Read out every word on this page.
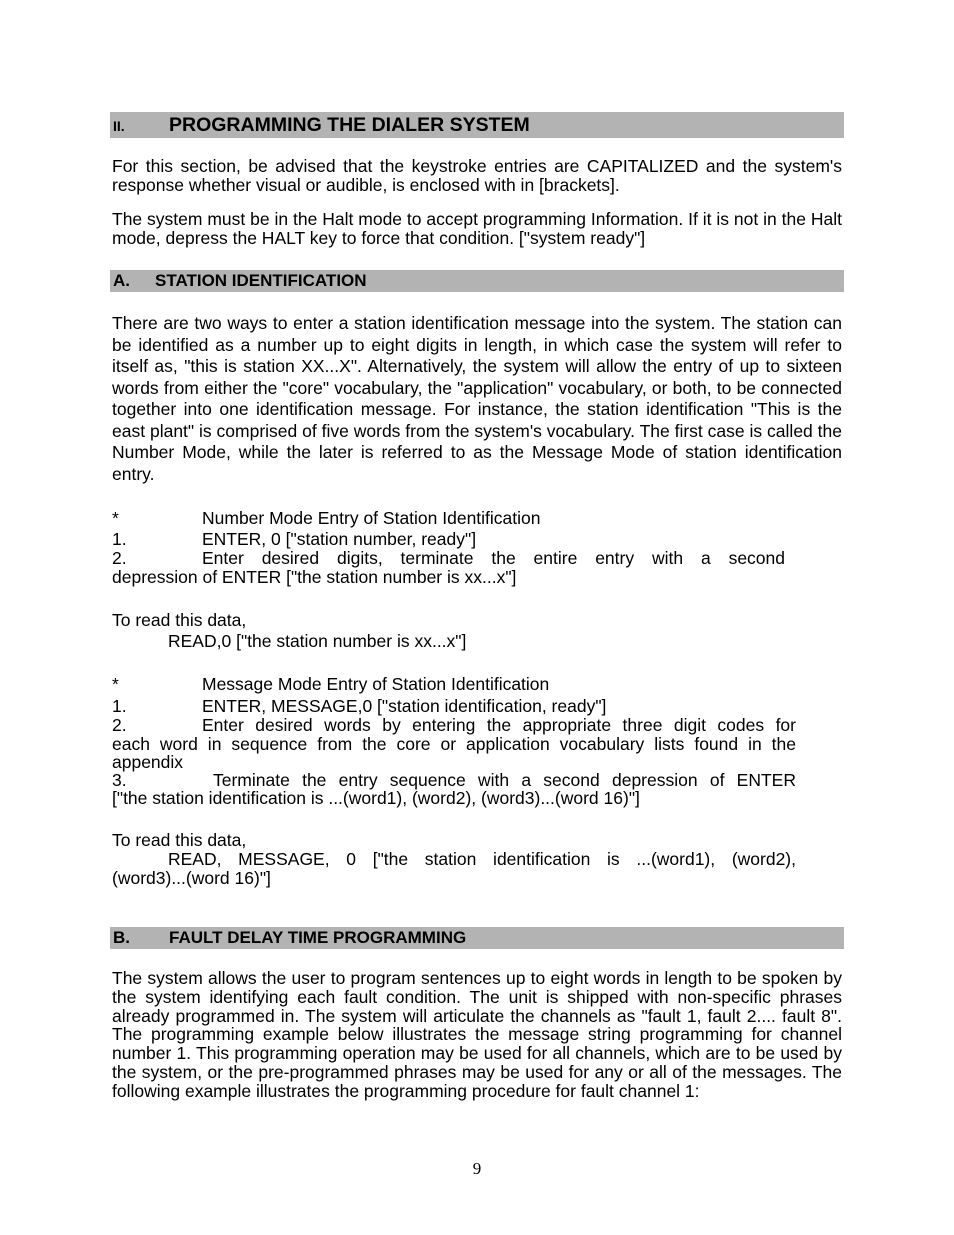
II. PROGRAMMING THE DIALER SYSTEM
For this section, be advised that the keystroke entries are CAPITALIZED and the system's response whether visual or audible, is enclosed with in [brackets].
The system must be in the Halt mode to accept programming Information. If it is not in the Halt mode, depress the HALT key to force that condition. ["system ready"]
A. STATION IDENTIFICATION
There are two ways to enter a station identification message into the system. The station can be identified as a number up to eight digits in length, in which case the system will refer to itself as, "this is station XX...X". Alternatively, the system will allow the entry of up to sixteen words from either the "core" vocabulary, the "application" vocabulary, or both, to be connected together into one identification message. For instance, the station identification "This is the east plant" is comprised of five words from the system's vocabulary. The first case is called the Number Mode, while the later is referred to as the Message Mode of station identification entry.
*	Number Mode Entry of Station Identification
1.	ENTER, 0 ["station number, ready"]
2.	Enter desired digits, terminate the entire entry with a second
depression of ENTER ["the station number is xx...x"]
To read this data,
READ,0 ["the station number is xx...x"]
*	Message Mode Entry of Station Identification
1.	ENTER, MESSAGE,0 ["station identification, ready"]
2.	Enter desired words by entering the appropriate three digit codes for
each word in sequence from the core or application vocabulary lists found in the
appendix
3.	Terminate the entry sequence with a second depression of ENTER
["the station identification is ...(word1), (word2), (word3)...(word 16)"]
To read this data,
READ, MESSAGE, 0 ["the station identification is ...(word1), (word2),
(word3)...(word 16)"]
B. FAULT DELAY TIME PROGRAMMING
The system allows the user to program sentences up to eight words in length to be spoken by the system identifying each fault condition. The unit is shipped with non-specific phrases already programmed in. The system will articulate the channels as "fault 1, fault 2.... fault 8". The programming example below illustrates the message string programming for channel number 1. This programming operation may be used for all channels, which are to be used by the system, or the pre-programmed phrases may be used for any or all of the messages. The following example illustrates the programming procedure for fault channel 1:
9
